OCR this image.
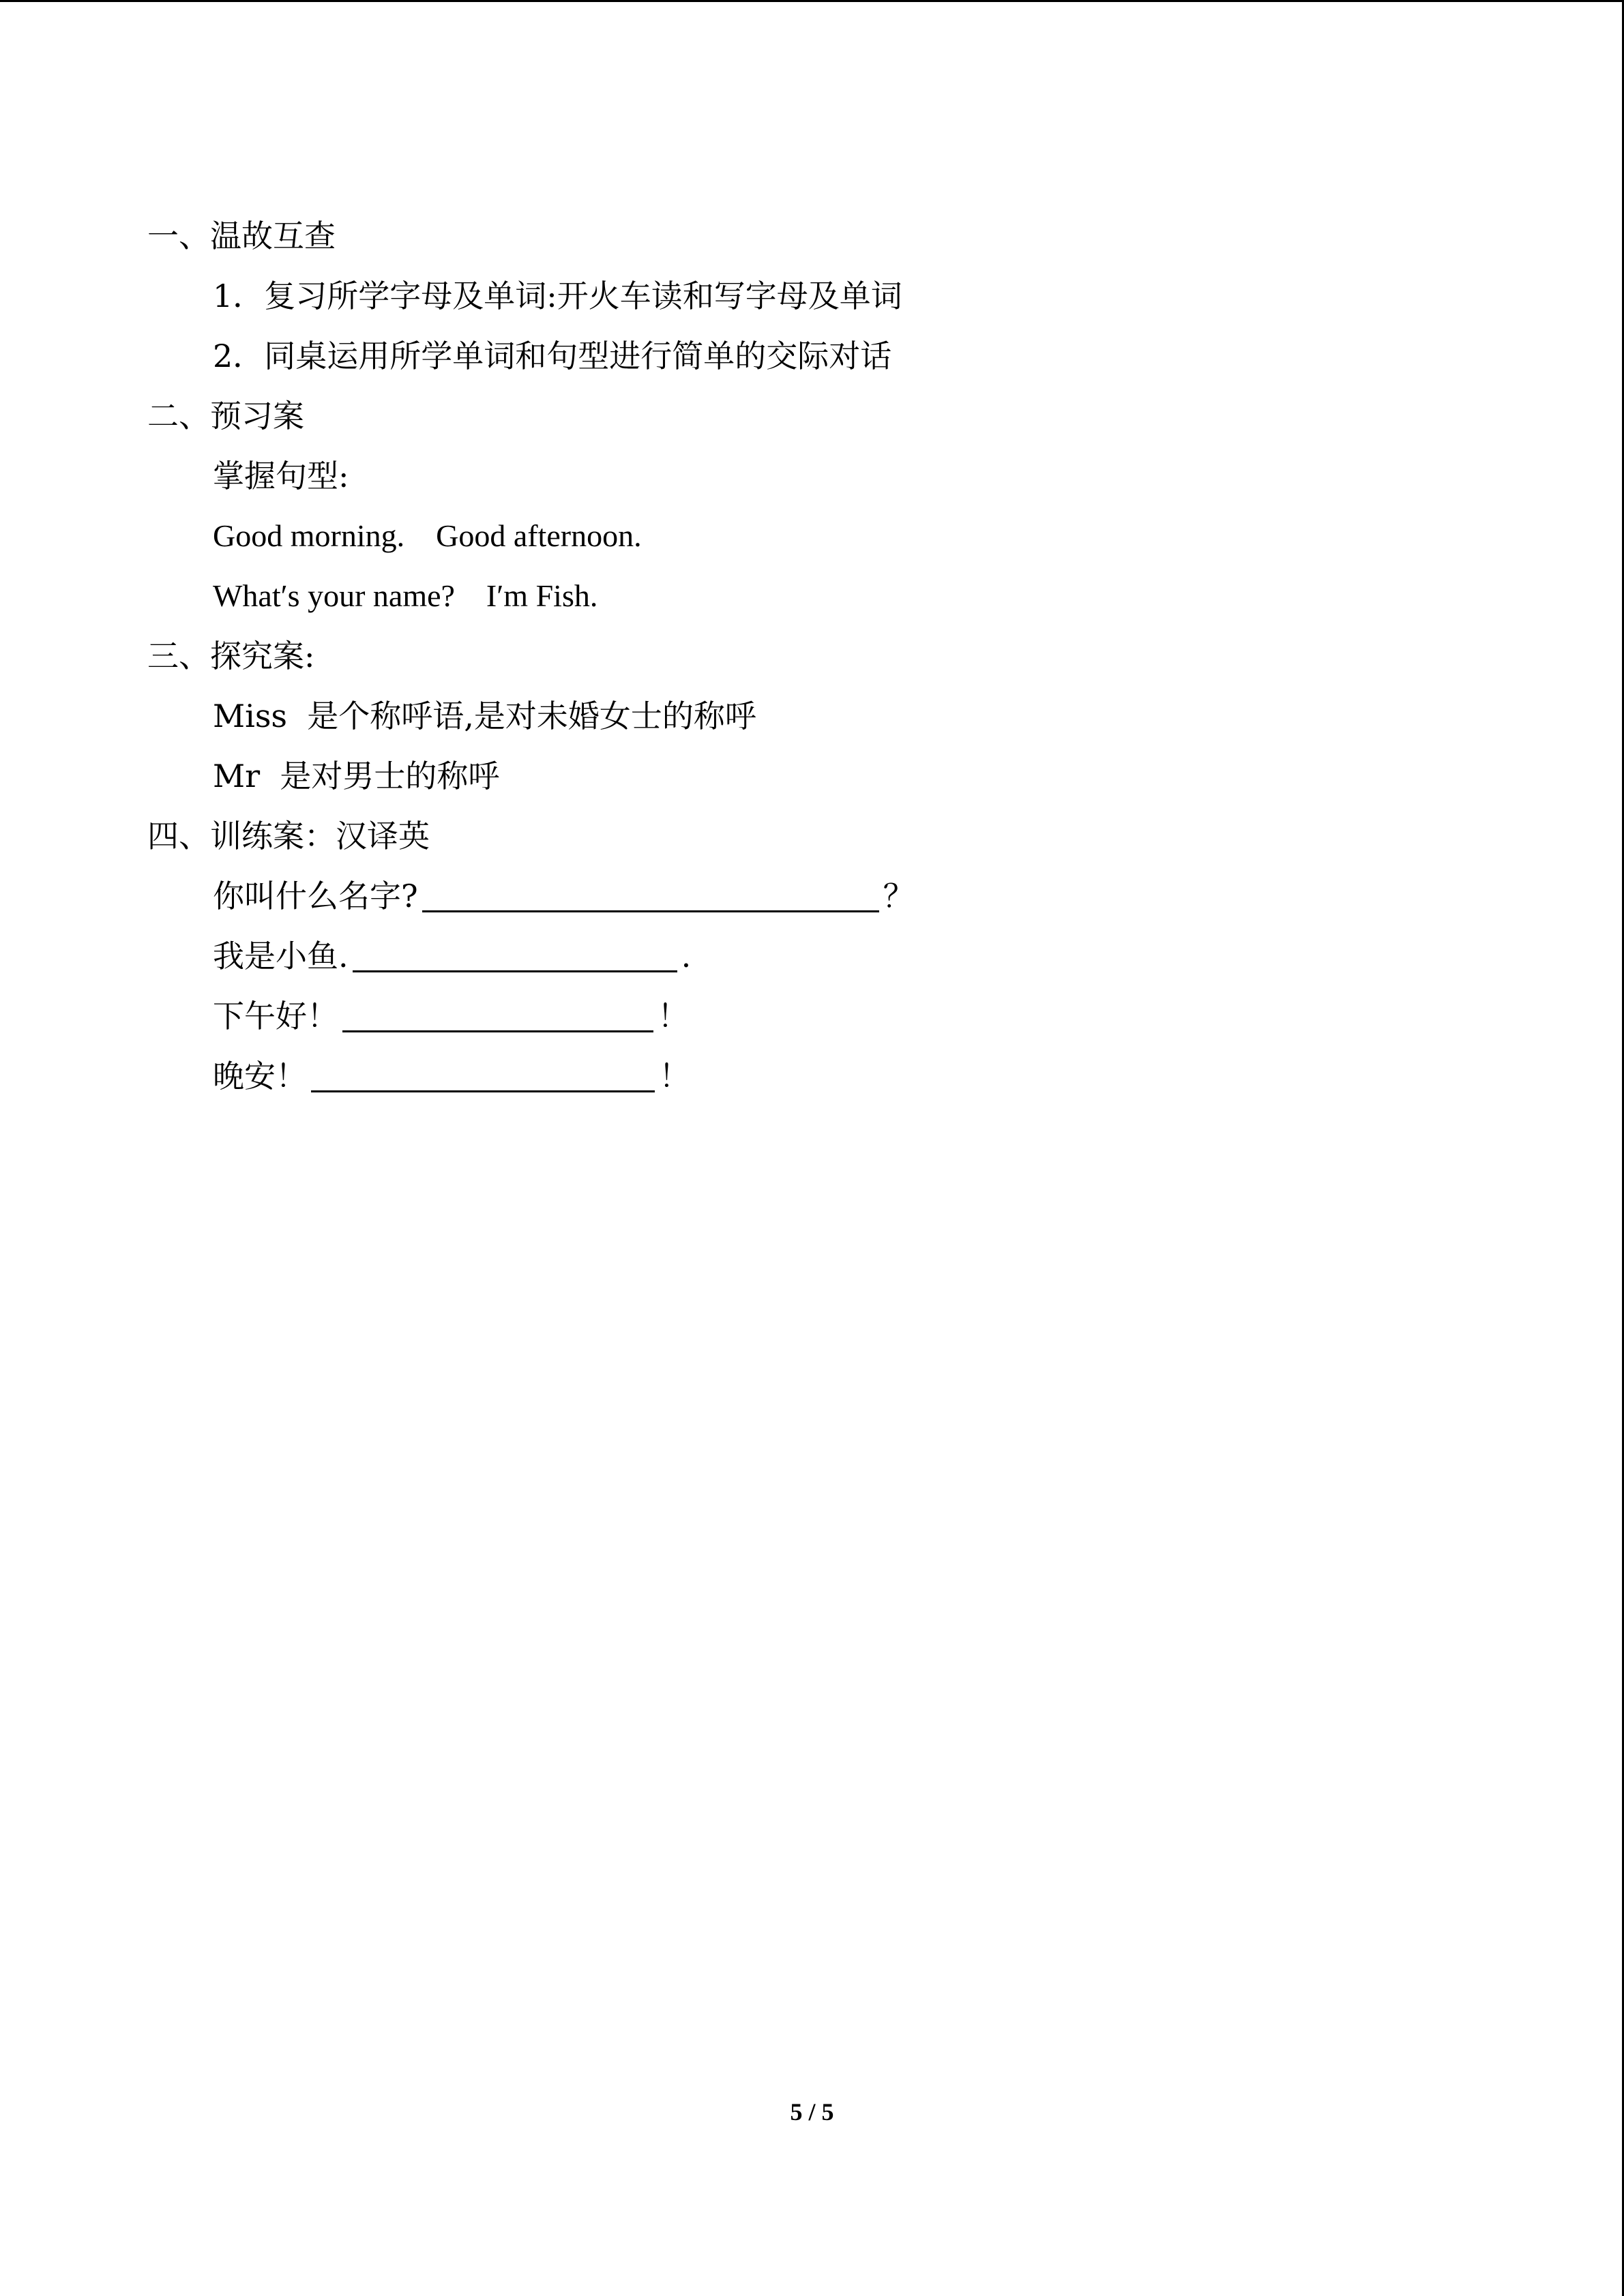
一、温故互查
1．复习所学字母及单词:开火车读和写字母及单词
2．同桌运用所学单词和句型进行简单的交际对话
二、预习案
掌握句型:
Good morning.    Good afternoon.
What′s your name?    I′m Fish.
三、探究案:
Miss  是个称呼语,是对未婚女士的称呼
Mr  是对男士的称呼
四、训练案：汉译英
你叫什么名字?	？
我是小鱼.	.
下午好！	！
晚安！	！
5 / 5
